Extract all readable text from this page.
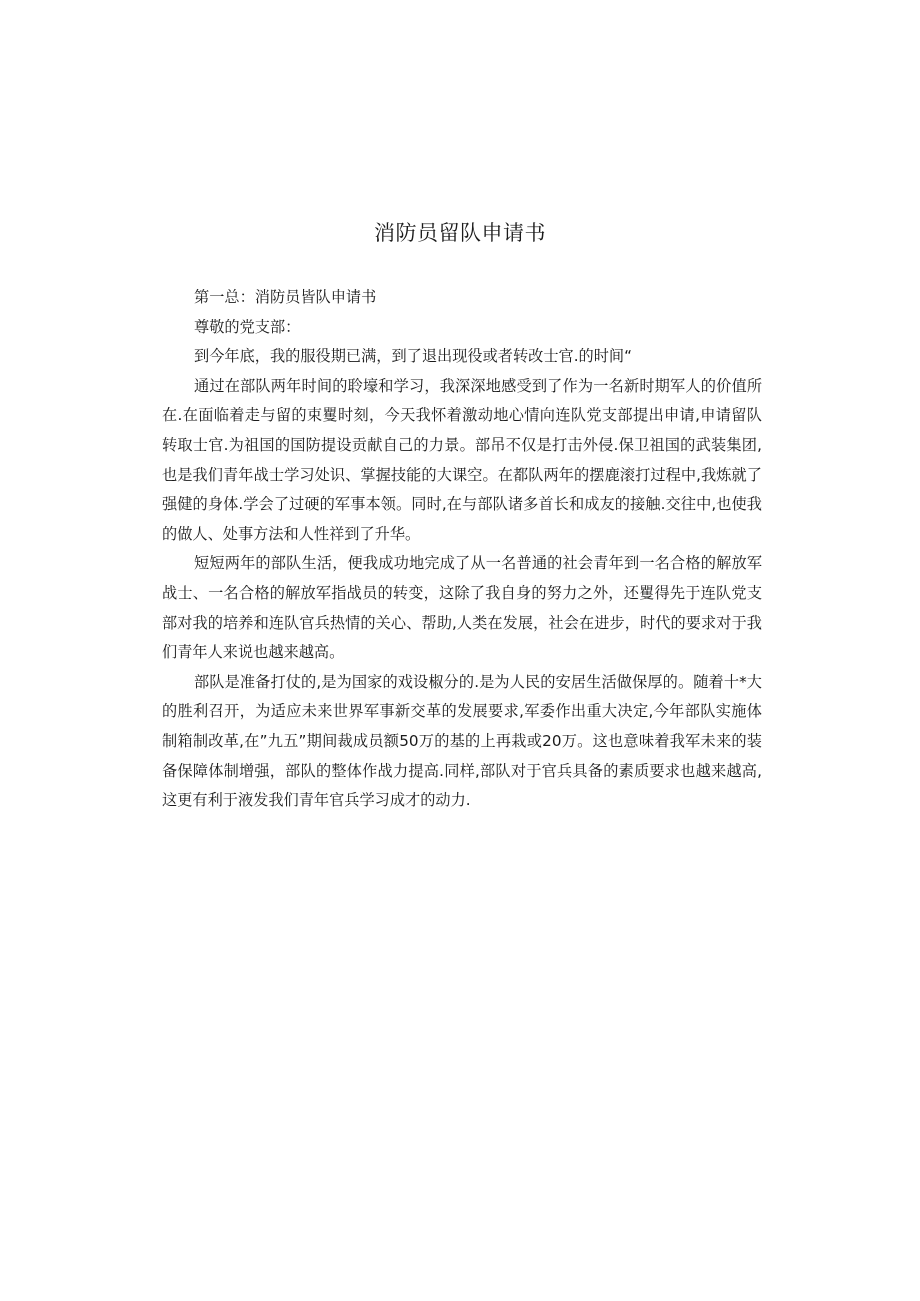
消防员留队申请书

第一总：消防员皆队申请书

尊敬的党支部：

到今年底，我的服役期已满，到了退出现役或者转改士官.的时间“

通过在部队两年时间的聆壕和学习，我深深地感受到了作为一名新时期军人的价值所在.在面临着走与留的束矍时刻，今天我怀着激动地心情向连队党支部提出申请,申请留队转取士官.为祖国的国防提设贡献自己的力景。部吊不仅是打击外侵.保卫祖国的武装集团,也是我们青年战士学习处识、掌握技能的大课空。在都队两年的摆鹿滚打过程中,我炼就了强健的身体.学会了过硬的军事本领。同时,在与部队诸多首长和成友的接触.交往中,也使我的做人、处事方法和人性祥到了升华。

短短两年的部队生活，便我成功地完成了从一名普通的社会青年到一名合格的解放军战士、一名合格的解放军指战员的转变，这除了我自身的努力之外，还矍得先于连队党支部对我的培养和连队官兵热情的关心、帮助,人类在发展，社会在进步，时代的要求对于我们青年人来说也越来越高。

部队是准备打仗的,是为国家的戏设椒分的.是为人民的安居生活做保厚的。随着十*大的胜利召开，为适应未来世界军事新交革的发展要求,军委作出重大决定,今年部队实施体制箱制改革,在”九五”期间裁成员额50万的基的上再栽或20万。这也意味着我军未来的装备保障体制增强，部队的整体作战力提高.同样,部队对于官兵具备的素质要求也越来越高,这更有利于液发我们青年官兵学习成才的动力.
